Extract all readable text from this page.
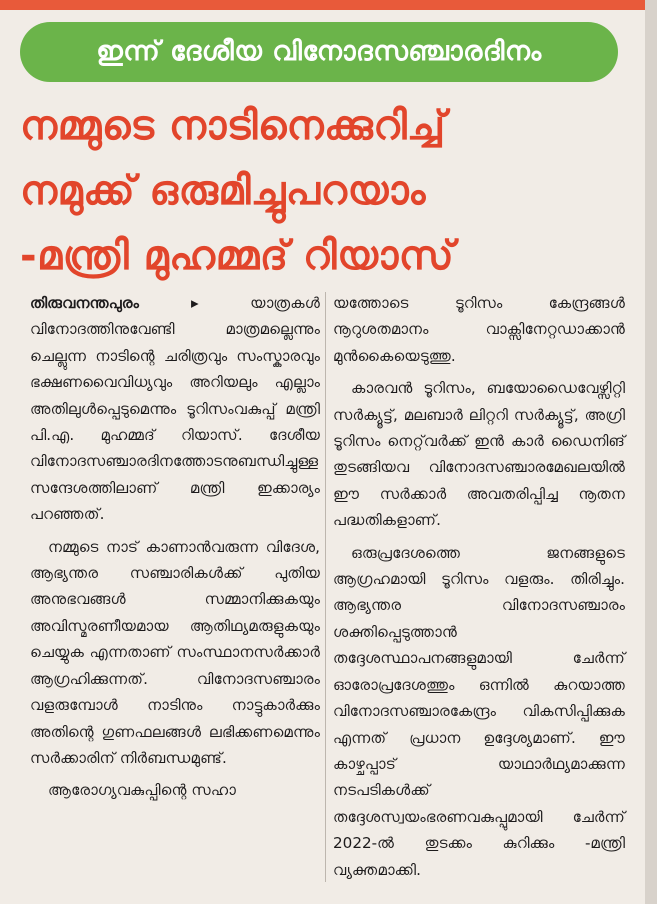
ഇന്ന് ദേശീയ വിനോദസഞ്ചാരദിനം
നമ്മുടെ നാടിനെക്കുറിച്ച്
നമുക്ക് ഒരുമിച്ചുപറയാം
-മന്ത്രി മുഹമ്മദ് റിയാസ്

തിരുവനന്തപുരം ▸ യാത്രകൾ വിനോദത്തിനുവേണ്ടി മാത്രമല്ലെന്നും ചെല്ലുന്ന നാടിന്റെ ചരിത്രവും സംസ്കാരവും ഭക്ഷണവൈവിധ്യവും അറിയലും എല്ലാം അതിലുൾപ്പെടുമെന്നും ടൂറിസംവകുപ്പ് മന്ത്രി പി.എ. മുഹമ്മദ് റിയാസ്. ദേശീയ വിനോദസഞ്ചാരദിനത്തോടനുബന്ധിച്ചുള്ള സന്ദേശത്തിലാണ് മന്ത്രി ഇക്കാര്യം പറഞ്ഞത്.

നമ്മുടെ നാട് കാണാൻവരുന്ന വിദേശ, ആഭ്യന്തര സഞ്ചാരികൾക്ക് പുതിയ അനുഭവങ്ങൾ സമ്മാനിക്കുകയും അവിസ്മരണീയമായ ആതിഥ്യമരുളുകയും ചെയ്യുക എന്നതാണ് സംസ്ഥാനസർക്കാർ ആഗ്രഹിക്കുന്നത്. വിനോദസഞ്ചാരം വളരുമ്പോൾ നാടിനും നാട്ടുകാർക്കും അതിന്റെ ഗുണഫലങ്ങൾ ലഭിക്കണമെന്നും സർക്കാരിന് നിർബന്ധമുണ്ട്.

ആരോഗ്യവകുപ്പിന്റെ സഹാ

യത്തോടെ ടൂറിസം കേന്ദ്രങ്ങൾ നൂറുശതമാനം വാക്സിനേറ്റഡാക്കാൻ മുൻകൈയെടുത്തു.

കാരവൻ ടൂറിസം, ബയോഡൈവേഴ്സിറ്റി സർക്യൂട്ട്, മലബാർ ലിറ്ററി സർക്യൂട്ട്, അഗ്രി ടൂറിസം നെറ്റ്‌വർക്ക് ഇൻ കാർ ഡൈനിങ് തുടങ്ങിയവ വിനോദസഞ്ചാരമേഖലയിൽ ഈ സർക്കാർ അവതരിപ്പിച്ച നൂതന പദ്ധതികളാണ്.

ഒരുപ്രദേശത്തെ ജനങ്ങളുടെ ആഗ്രഹമായി ടൂറിസം വളരും. തിരിച്ചും. ആഭ്യന്തര വിനോദസഞ്ചാരം ശക്തിപ്പെടുത്താൻ തദ്ദേശസ്ഥാപനങ്ങളുമായി ചേർന്ന് ഓരോപ്രദേശത്തും ഒന്നിൽ കുറയാത്ത വിനോദസഞ്ചാരകേന്ദ്രം വികസിപ്പിക്കുക എന്നത് പ്രധാന ഉദ്ദേശ്യമാണ്. ഈ കാഴ്ചപ്പാട് യാഥാർഥ്യമാക്കുന്ന നടപടികൾക്ക് തദ്ദേശസ്വയംഭരണവകുപ്പുമായി ചേർന്ന് 2022-ൽ തുടക്കം കുറിക്കും -മന്ത്രി വ്യക്തമാക്കി.
